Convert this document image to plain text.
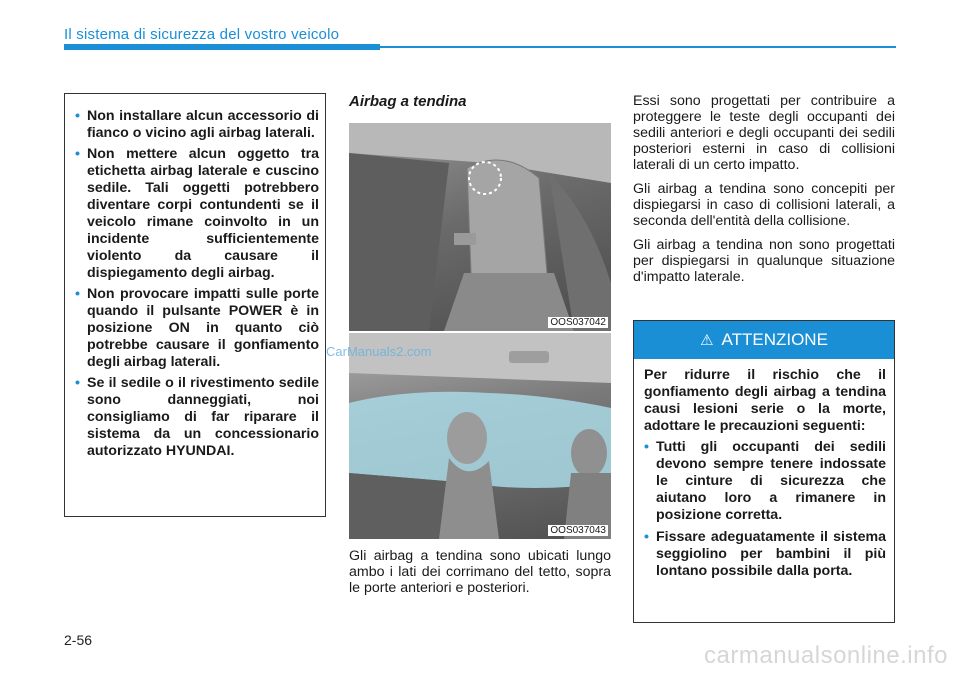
Il sistema di sicurezza del vostro veicolo
• Non installare alcun accessorio di fianco o vicino agli airbag laterali.
• Non mettere alcun oggetto tra etichetta airbag laterale e cuscino sedile. Tali oggetti potrebbero diventare corpi contundenti se il veicolo rimane coinvolto in un incidente sufficientemente violento da causare il dispiegamento degli airbag.
• Non provocare impatti sulle porte quando il pulsante POWER è in posizione ON in quanto ciò potrebbe causare il gonfiamento degli airbag laterali.
• Se il sedile o il rivestimento sedile sono danneggiati, noi consigliamo di far riparare il sistema da un concessionario autorizzato HYUNDAI.
Airbag a tendina
OOS037042
OOS037043

Gli airbag a tendina sono ubicati lungo ambo i lati dei corrimano del tetto, sopra le porte anteriori e posteriori.

Essi sono progettati per contribuire a proteggere le teste degli occupanti dei sedili anteriori e degli occupanti dei sedili posteriori esterni in caso di collisioni laterali di un certo impatto.

Gli airbag a tendina sono concepiti per dispiegarsi in caso di collisioni laterali, a seconda dell'entità della collisione.

Gli airbag a tendina non sono progettati per dispiegarsi in qualunque situazione d'impatto laterale.

⚠ ATTENZIONE

Per ridurre il rischio che il gonfiamento degli airbag a tendina causi lesioni serie o la morte, adottare le precauzioni seguenti:

• Tutti gli occupanti dei sedili devono sempre tenere indossate le cinture di sicurezza che aiutano loro a rimanere in posizione corretta.
• Fissare adeguatamente il sistema seggiolino per bambini il più lontano possibile dalla porta.
CarManuals2.com
2-56
carmanualsonline.info
